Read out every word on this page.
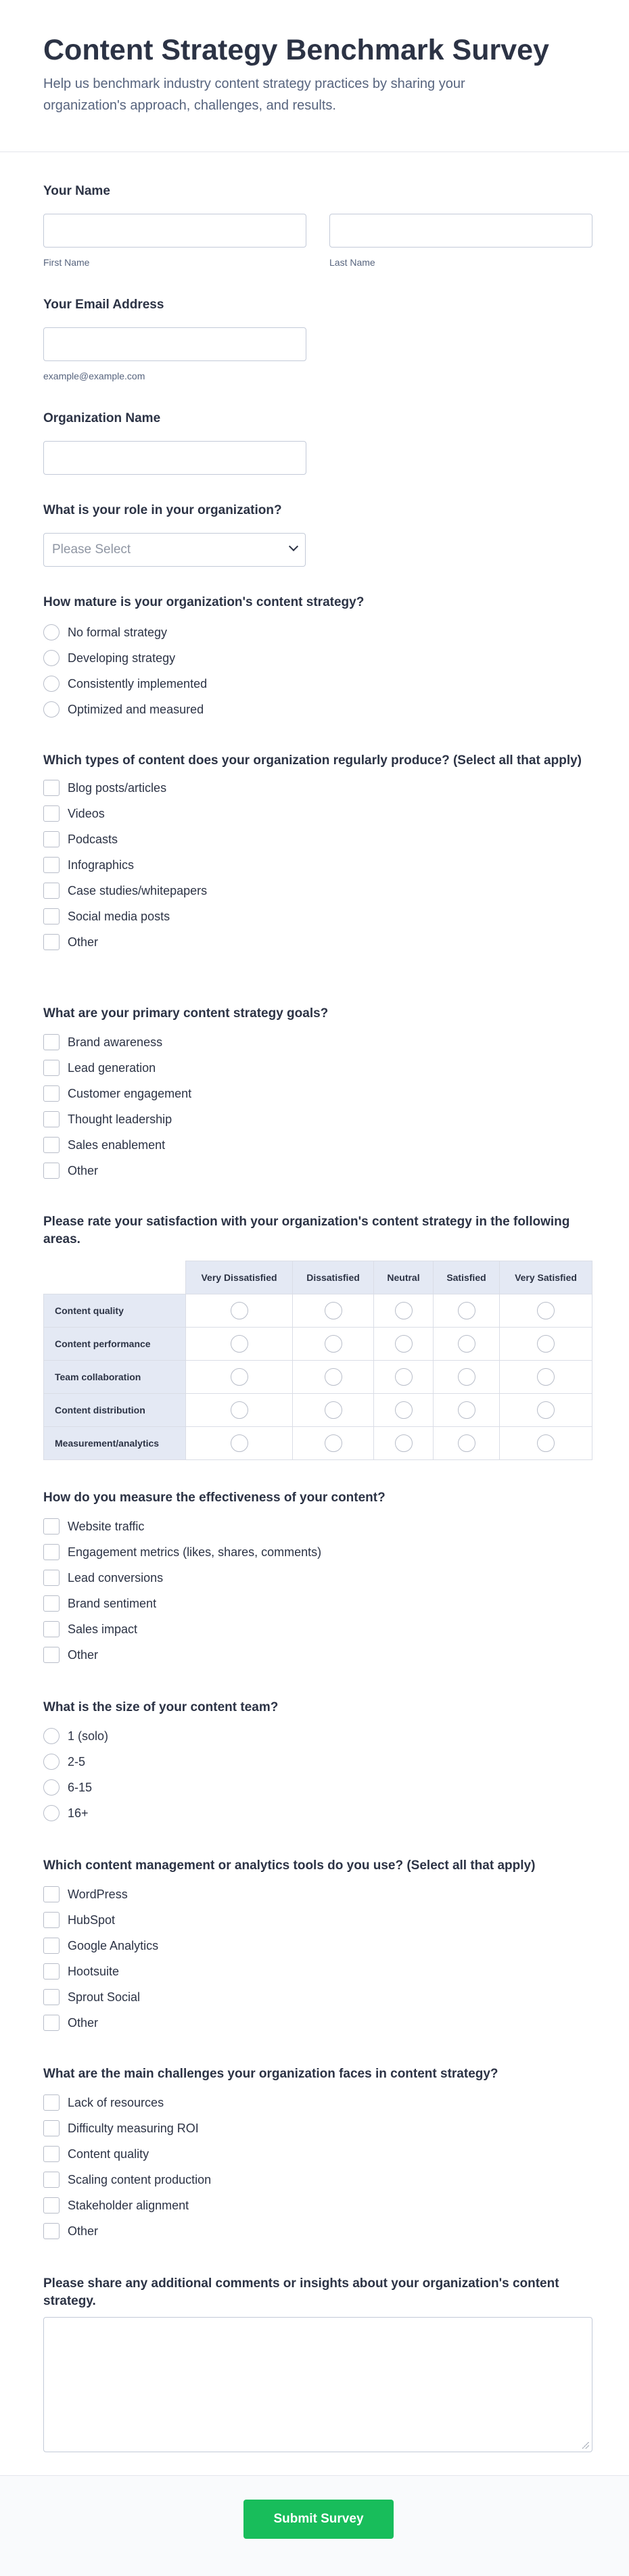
Content Strategy Benchmark Survey

Help us benchmark industry content strategy practices by sharing your organization's approach, challenges, and results.

Your Name
First Name	Last Name
Your Email Address
example@example.com
Organization Name
What is your role in your organization?
Please Select
How mature is your organization's content strategy?
No formal strategy
Developing strategy
Consistently implemented
Optimized and measured
Which types of content does your organization regularly produce? (Select all that apply)
Blog posts/articles
Videos
Podcasts
Infographics
Case studies/whitepapers
Social media posts
Other
What are your primary content strategy goals?
Brand awareness
Lead generation
Customer engagement
Thought leadership
Sales enablement
Other
Please rate your satisfaction with your organization's content strategy in the following areas.
	Very Dissatisfied	Dissatisfied	Neutral	Satisfied	Very Satisfied
Content quality					
Content performance					
Team collaboration					
Content distribution					
Measurement/analytics					
How do you measure the effectiveness of your content?
Website traffic
Engagement metrics (likes, shares, comments)
Lead conversions
Brand sentiment
Sales impact
Other
What is the size of your content team?
1 (solo)
2-5
6-15
16+
Which content management or analytics tools do you use? (Select all that apply)
WordPress
HubSpot
Google Analytics
Hootsuite
Sprout Social
Other
What are the main challenges your organization faces in content strategy?
Lack of resources
Difficulty measuring ROI
Content quality
Scaling content production
Stakeholder alignment
Other
Please share any additional comments or insights about your organization's content strategy.
Submit Survey
